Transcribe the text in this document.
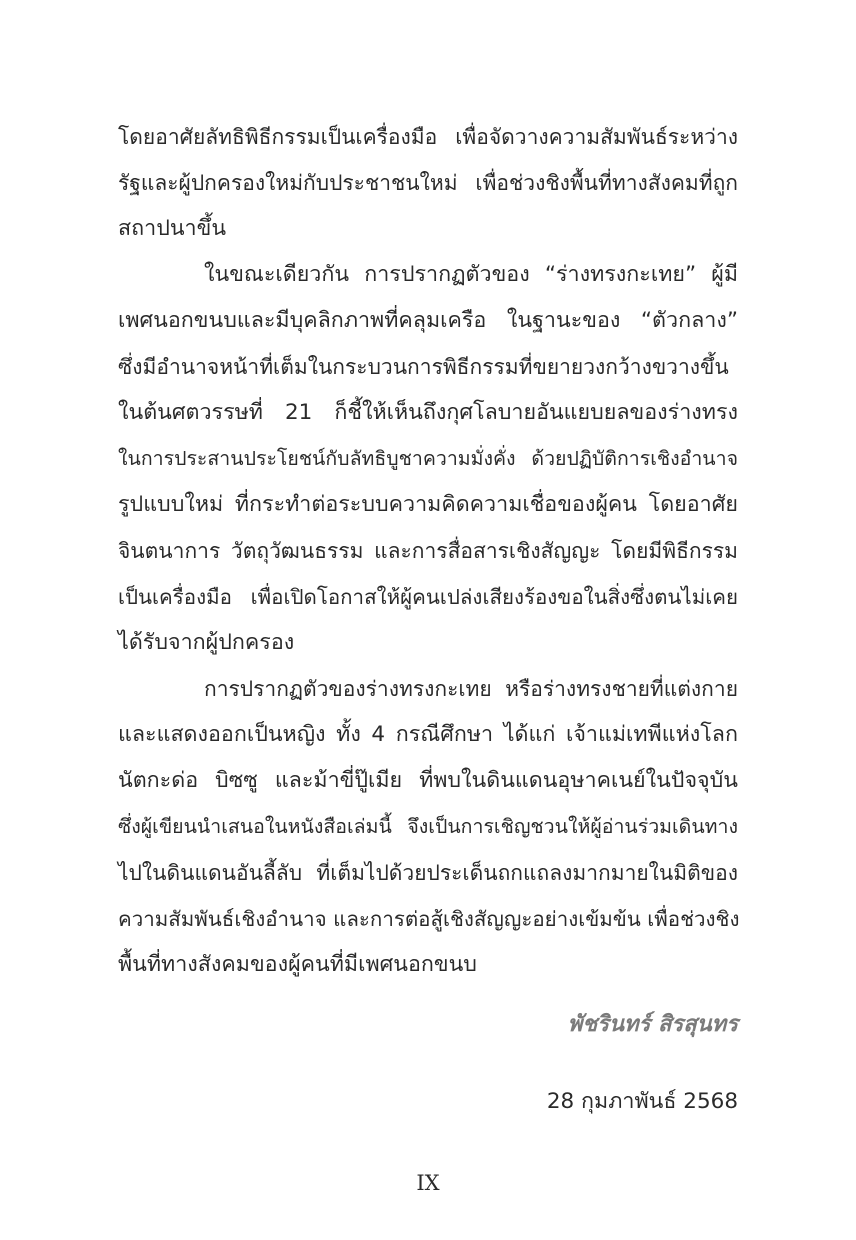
โดยอาศัยลัทธิพิธีกรรมเป็นเครื่องมือ เพื่อจัดวางความสัมพันธ์ระหว่าง
รัฐและผู้ปกครองใหม่กับประชาชนใหม่ เพื่อช่วงชิงพื้นที่ทางสังคมที่ถูก
สถาปนาขึ้น
ในขณะเดียวกัน การปรากฏตัวของ “ร่างทรงกะเทย” ผู้มี
เพศนอกขนบและมีบุคลิกภาพที่คลุมเครือ ในฐานะของ “ตัวกลาง”
ซึ่งมีอำนาจหน้าที่เต็มในกระบวนการพิธีกรรมที่ขยายวงกว้างขวางขึ้น
ในต้นศตวรรษที่ 21 ก็ชี้ให้เห็นถึงกุศโลบายอันแยบยลของร่างทรง
ในการประสานประโยชน์กับลัทธิบูชาความมั่งคั่ง ด้วยปฏิบัติการเชิงอำนาจ
รูปแบบใหม่ ที่กระทำต่อระบบความคิดความเชื่อของผู้คน โดยอาศัย
จินตนาการ วัตถุวัฒนธรรม และการสื่อสารเชิงสัญญะ โดยมีพิธีกรรม
เป็นเครื่องมือ เพื่อเปิดโอกาสให้ผู้คนเปล่งเสียงร้องขอในสิ่งซึ่งตนไม่เคย
ได้รับจากผู้ปกครอง
การปรากฏตัวของร่างทรงกะเทย หรือร่างทรงชายที่แต่งกาย
และแสดงออกเป็นหญิง ทั้ง 4 กรณีศึกษา ได้แก่ เจ้าแม่เทพีแห่งโลก
นัตกะด่อ บิซซู และม้าขี่ปู๊เมีย ที่พบในดินแดนอุษาคเนย์ในปัจจุบัน
ซึ่งผู้เขียนนำเสนอในหนังสือเล่มนี้ จึงเป็นการเชิญชวนให้ผู้อ่านร่วมเดินทาง
ไปในดินแดนอันลี้ลับ ที่เต็มไปด้วยประเด็นถกแถลงมากมายในมิติของ
ความสัมพันธ์เชิงอำนาจ และการต่อสู้เชิงสัญญะอย่างเข้มข้น เพื่อช่วงชิง
พื้นที่ทางสังคมของผู้คนที่มีเพศนอกขนบ
พัชรินทร์ สิรสุนทร
28 กุมภาพันธ์ 2568
IX
